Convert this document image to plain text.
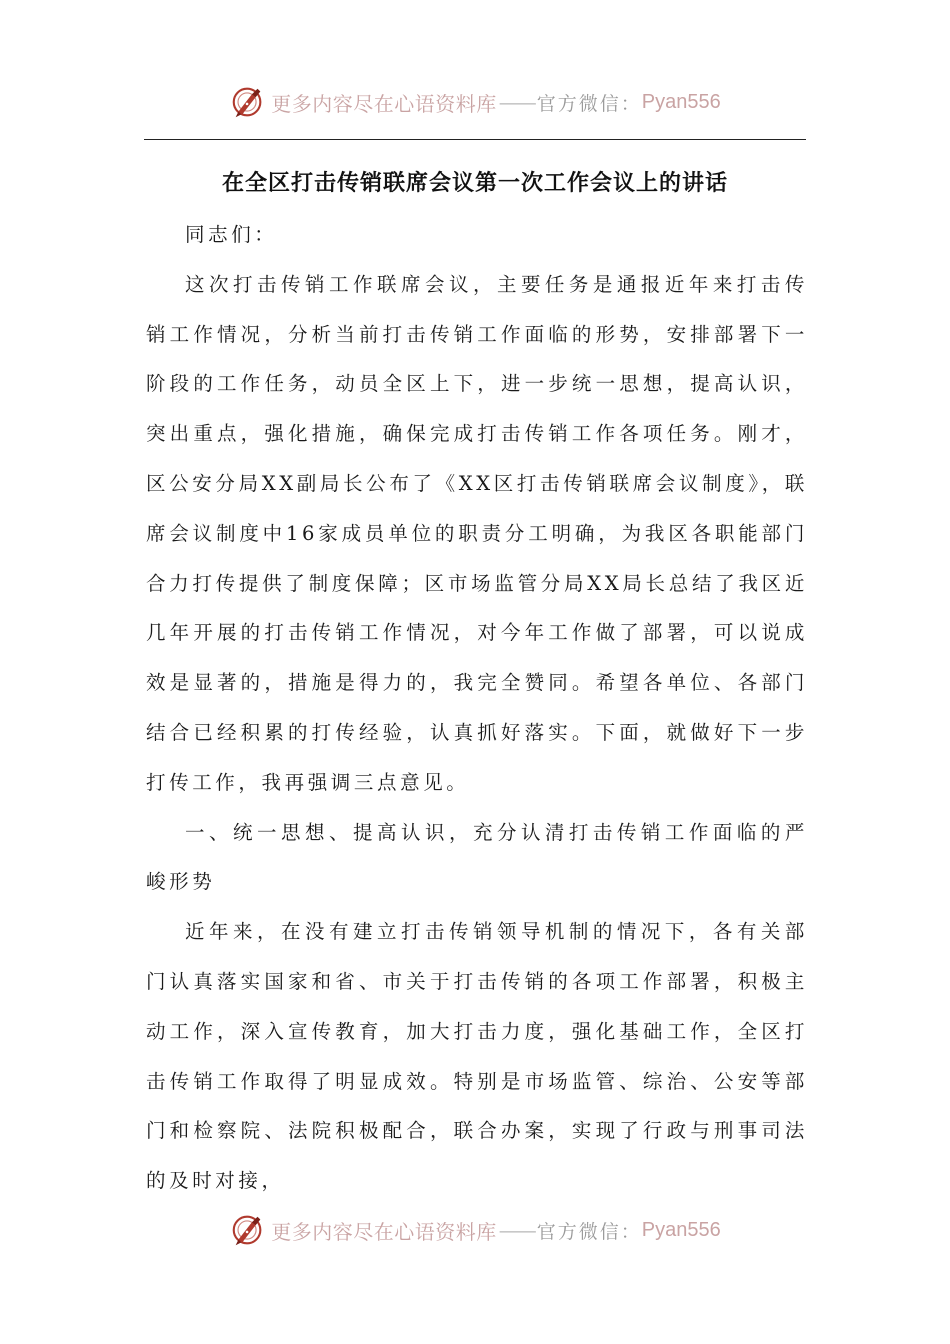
更多内容尽在心语资料库 —— 官方微信： Pyan556
在全区打击传销联席会议第一次工作会议上的讲话

同志们：

这次打击传销工作联席会议，主要任务是通报近年来打击传销工作情况，分析当前打击传销工作面临的形势，安排部署下一阶段的工作任务，动员全区上下，进一步统一思想，提高认识，突出重点，强化措施，确保完成打击传销工作各项任务。刚才，区公安分局XX副局长公布了《XX区打击传销联席会议制度》，联席会议制度中16家成员单位的职责分工明确，为我区各职能部门合力打传提供了制度保障；区市场监管分局XX局长总结了我区近几年开展的打击传销工作情况，对今年工作做了部署，可以说成效是显著的，措施是得力的，我完全赞同。希望各单位、各部门结合已经积累的打传经验，认真抓好落实。下面，就做好下一步打传工作，我再强调三点意见。

一、统一思想、提高认识，充分认清打击传销工作面临的严峻形势

近年来，在没有建立打击传销领导机制的情况下，各有关部门认真落实国家和省、市关于打击传销的各项工作部署，积极主动工作，深入宣传教育，加大打击力度，强化基础工作，全区打击传销工作取得了明显成效。特别是市场监管、综治、公安等部门和检察院、法院积极配合，联合办案，实现了行政与刑事司法的及时对接，

更多内容尽在心语资料库 —— 官方微信： Pyan556
